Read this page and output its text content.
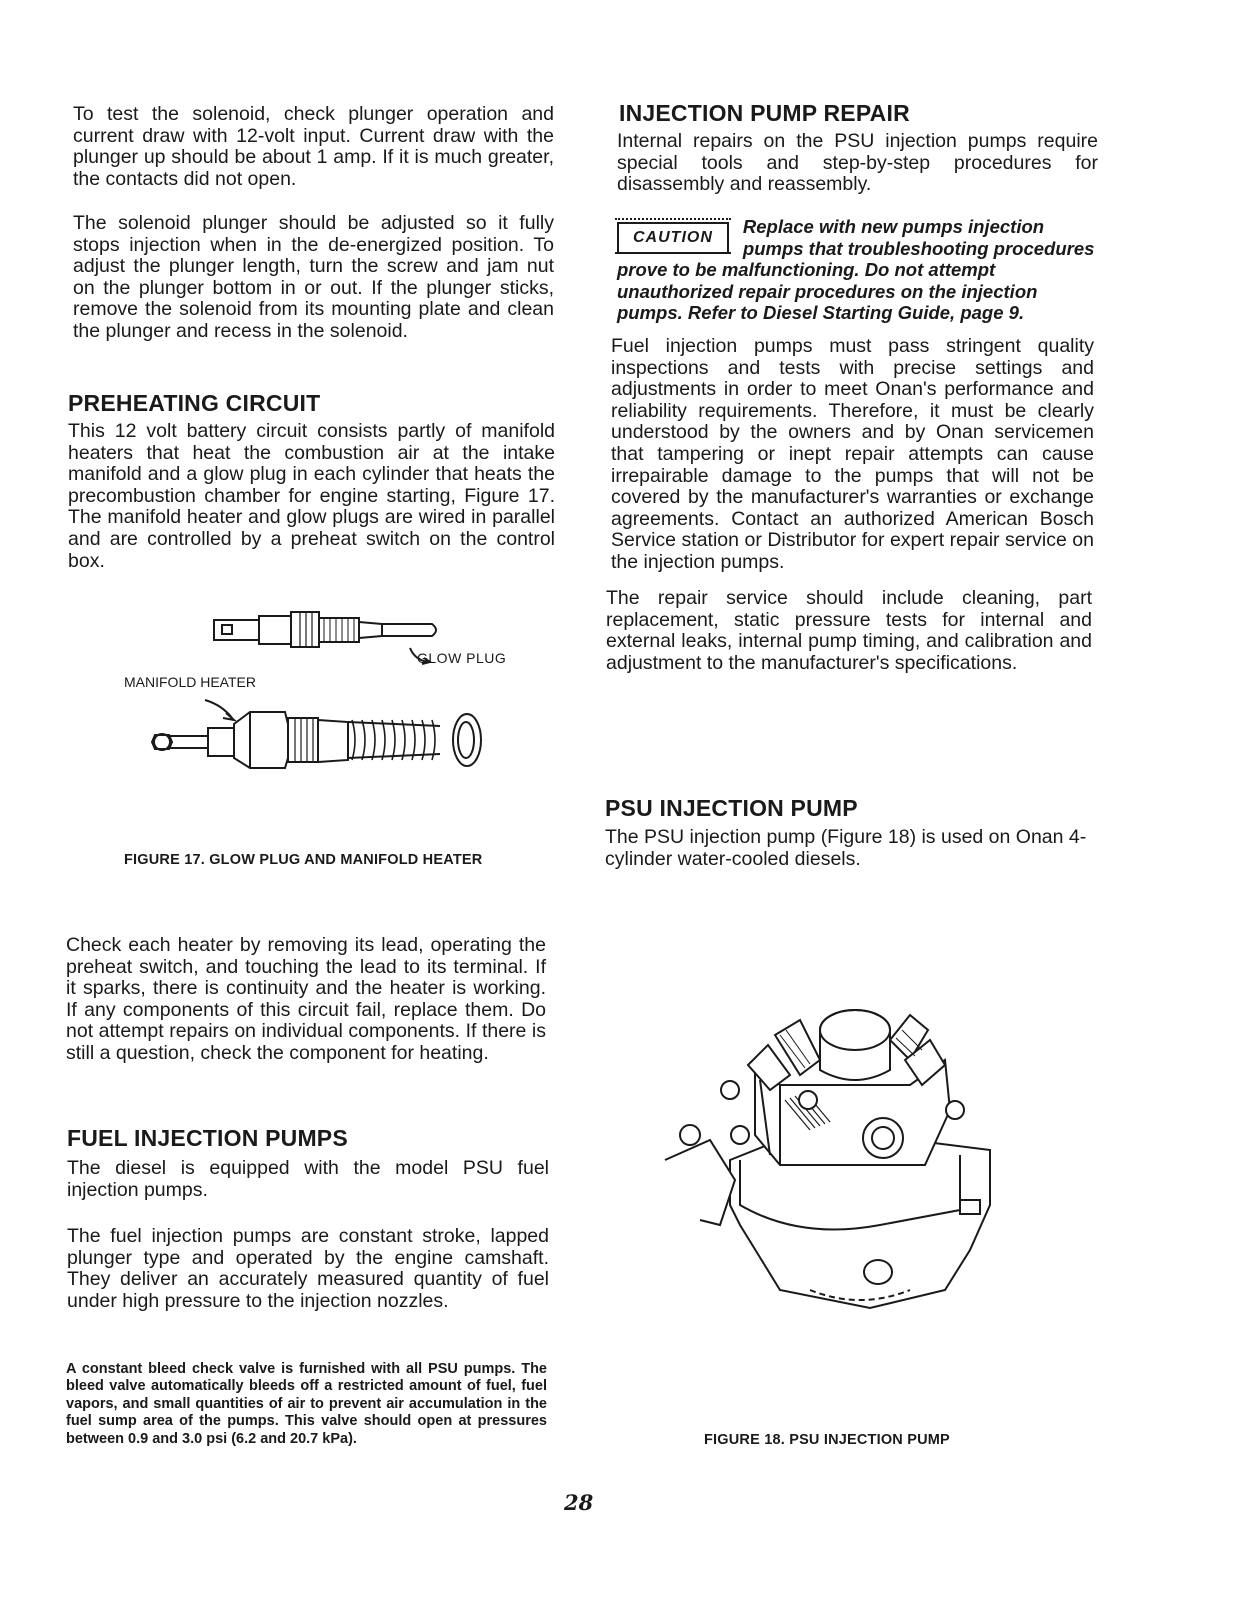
To test the solenoid, check plunger operation and current draw with 12-volt input. Current draw with the plunger up should be about 1 amp. If it is much greater, the contacts did not open.

The solenoid plunger should be adjusted so it fully stops injection when in the de-energized position. To adjust the plunger length, turn the screw and jam nut on the plunger bottom in or out. If the plunger sticks, remove the solenoid from its mounting plate and clean the plunger and recess in the solenoid.

PREHEATING CIRCUIT

This 12 volt battery circuit consists partly of manifold heaters that heat the combustion air at the intake manifold and a glow plug in each cylinder that heats the precombustion chamber for engine starting, Figure 17. The manifold heater and glow plugs are wired in parallel and are controlled by a preheat switch on the control box.

GLOW PLUG
MANIFOLD HEATER
FIGURE 17. GLOW PLUG AND MANIFOLD HEATER

Check each heater by removing its lead, operating the preheat switch, and touching the lead to its terminal. If it sparks, there is continuity and the heater is working. If any components of this circuit fail, replace them. Do not attempt repairs on individual components. If there is still a question, check the component for heating.

FUEL INJECTION PUMPS

The diesel is equipped with the model PSU fuel injection pumps.

The fuel injection pumps are constant stroke, lapped plunger type and operated by the engine camshaft. They deliver an accurately measured quantity of fuel under high pressure to the injection nozzles.

A constant bleed check valve is furnished with all PSU pumps. The bleed valve automatically bleeds off a restricted amount of fuel, fuel vapors, and small quantities of air to prevent air accumulation in the fuel sump area of the pumps. This valve should open at pressures between 0.9 and 3.0 psi (6.2 and 20.7 kPa).
INJECTION PUMP REPAIR

Internal repairs on the PSU injection pumps require special tools and step-by-step procedures for disassembly and reassembly.

CAUTION
Replace with new pumps injection pumps that troubleshooting procedures prove to be malfunctioning. Do not attempt unauthorized repair procedures on the injection pumps. Refer to Diesel Starting Guide, page 9.

Fuel injection pumps must pass stringent quality inspections and tests with precise settings and adjustments in order to meet Onan's performance and reliability requirements. Therefore, it must be clearly understood by the owners and by Onan servicemen that tampering or inept repair attempts can cause irrepairable damage to the pumps that will not be covered by the manufacturer's warranties or exchange agreements. Contact an authorized American Bosch Service station or Distributor for expert repair service on the injection pumps.

The repair service should include cleaning, part replacement, static pressure tests for internal and external leaks, internal pump timing, and calibration and adjustment to the manufacturer's specifications.

PSU INJECTION PUMP

The PSU injection pump (Figure 18) is used on Onan 4-cylinder water-cooled diesels.

FIGURE 18. PSU INJECTION PUMP
28
